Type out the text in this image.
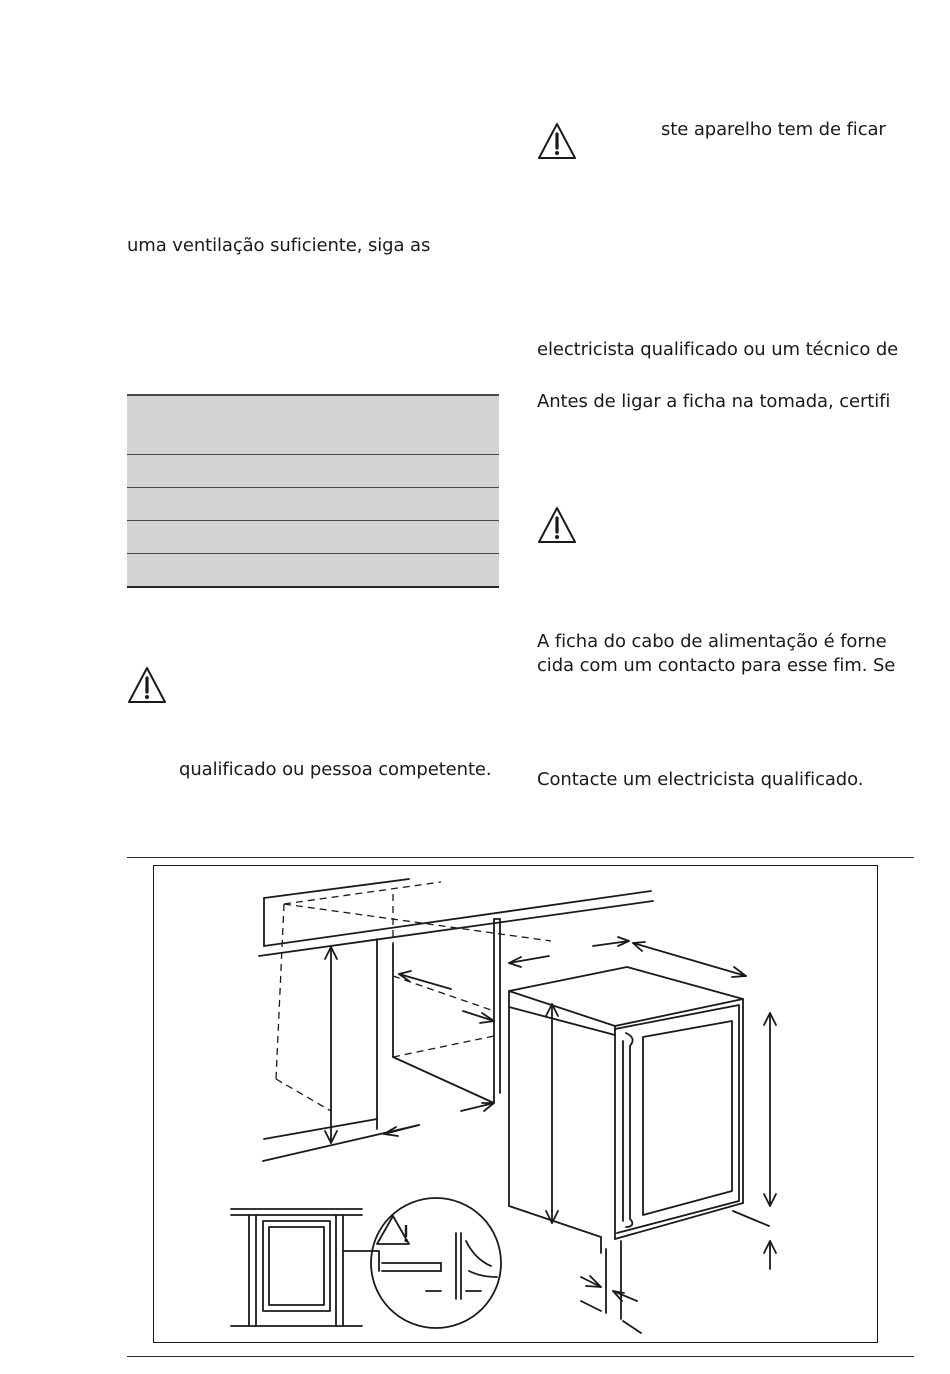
ste aparelho tem de ficar
uma ventilação suficiente, siga as
electricista qualificado ou um técnico de
Antes de ligar a ficha na tomada, certifi
A ficha do cabo de alimentação é forne
cida com um contacto para esse fim. Se
qualificado ou pessoa competente.	Contacte um electricista qualificado.
